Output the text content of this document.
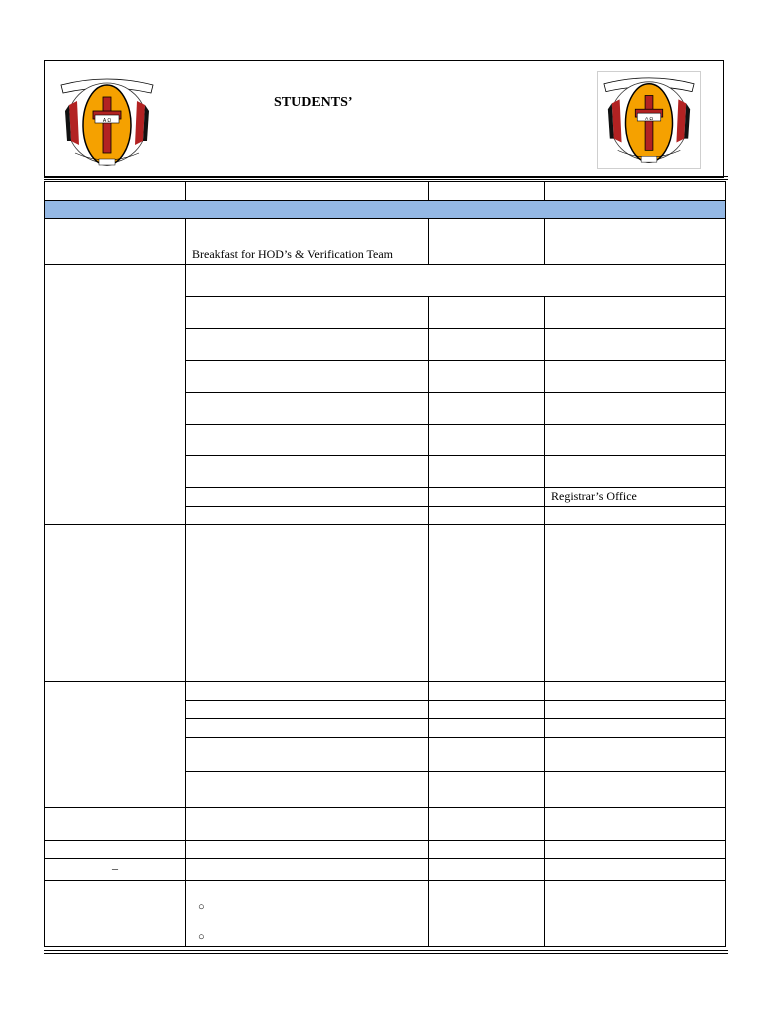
A Ω
STUDENTS’
A Ω

	Breakfast for HOD’s & Verification Team		

			Registrar’s Office

–			

	○
○		
